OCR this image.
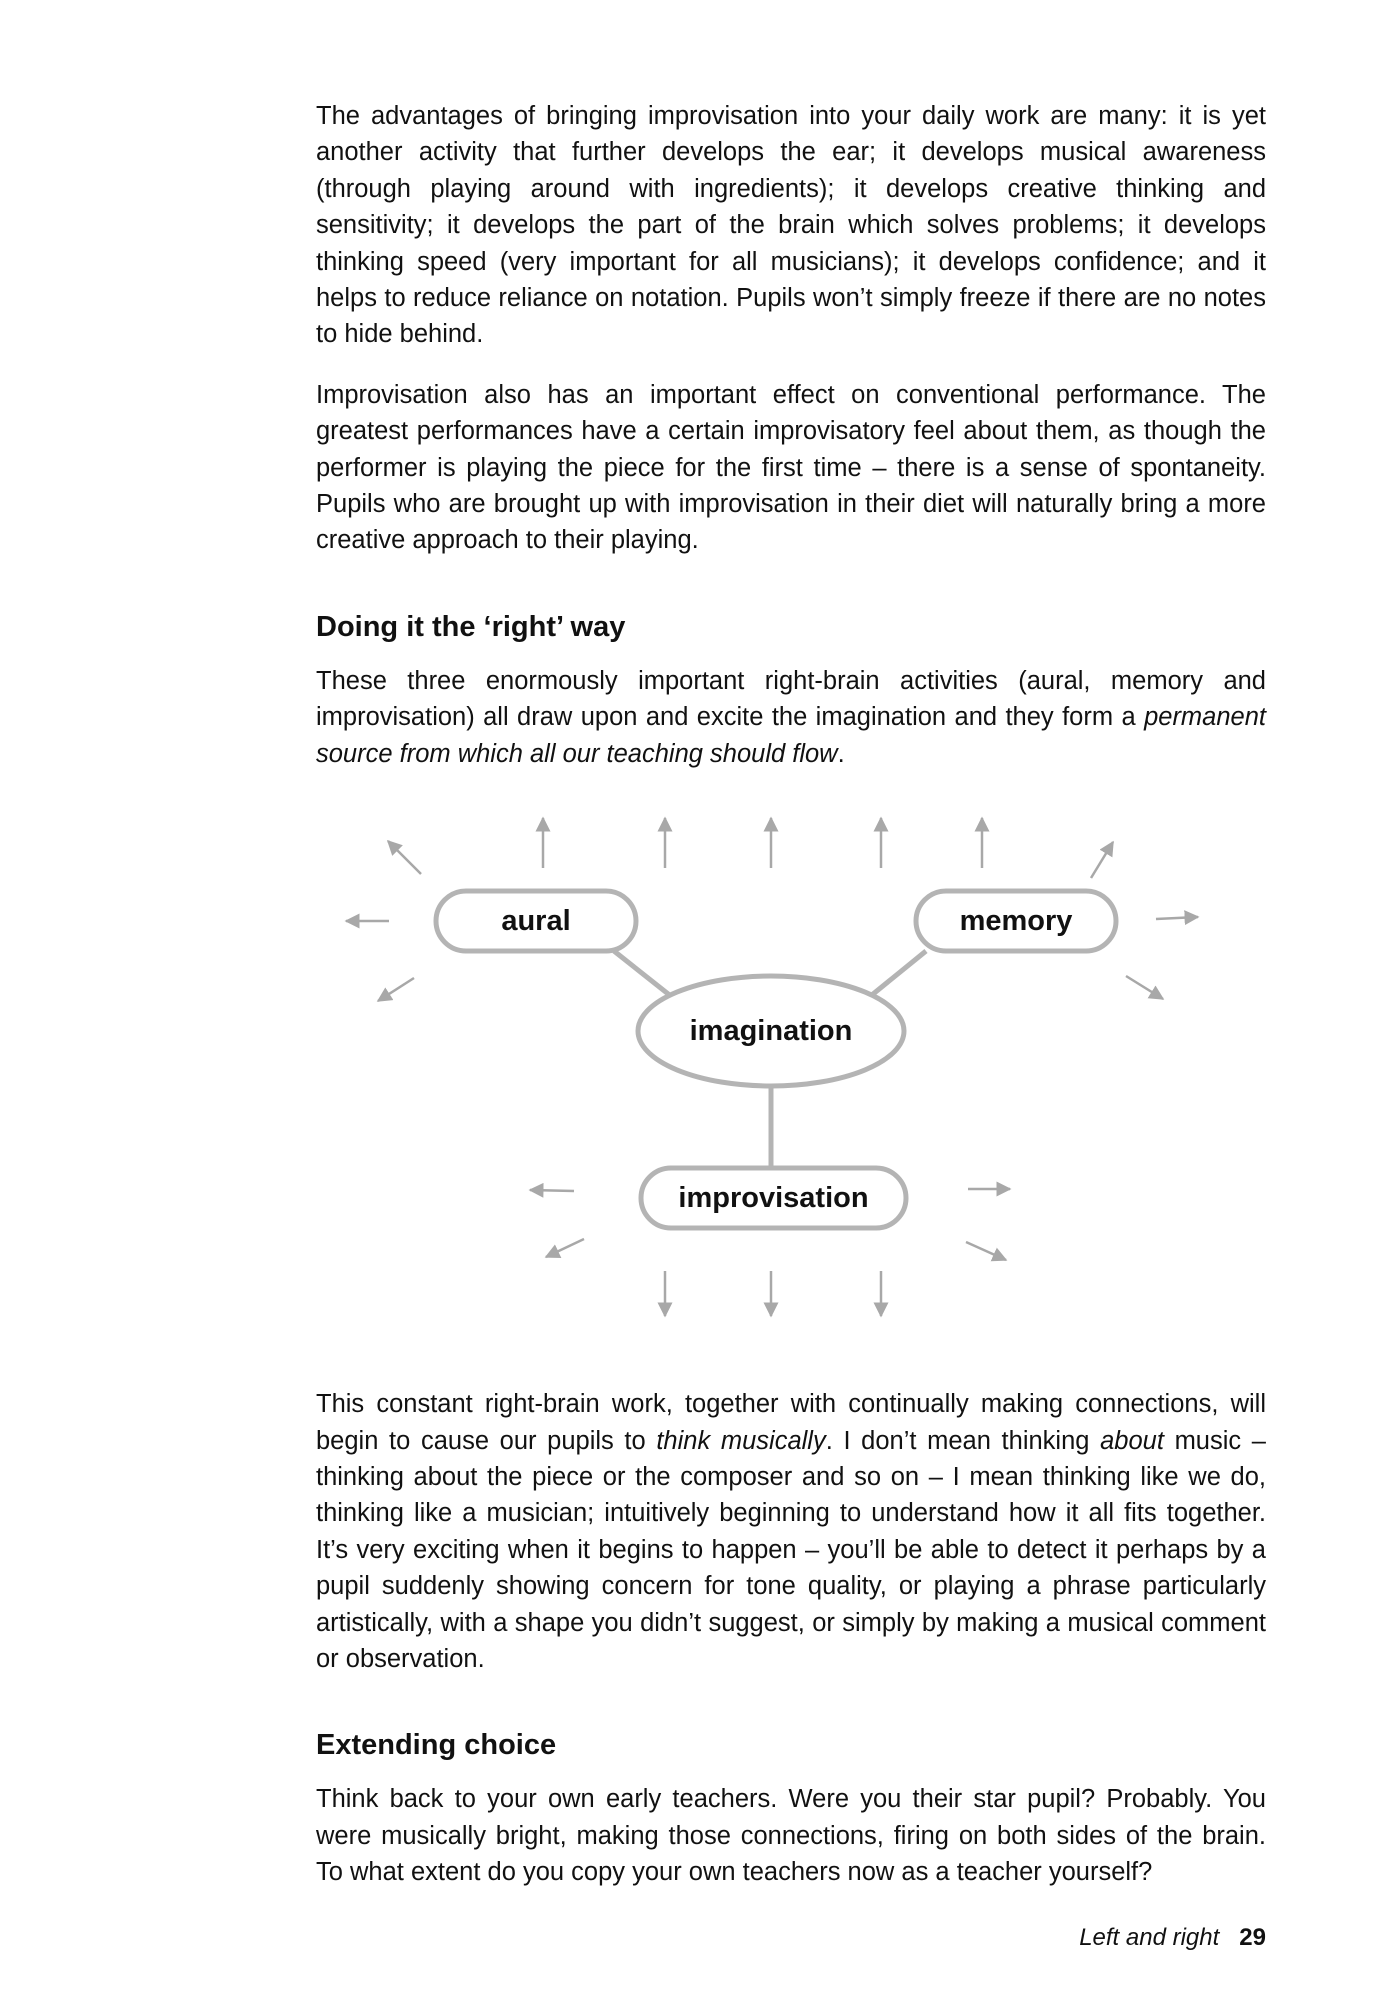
The advantages of bringing improvisation into your daily work are many: it is yet another activity that further develops the ear; it develops musical awareness (through playing around with ingredients); it develops creative thinking and sensitivity; it develops the part of the brain which solves problems; it develops thinking speed (very important for all musicians); it develops confidence; and it helps to reduce reliance on notation. Pupils won’t simply freeze if there are no notes to hide behind.

Improvisation also has an important effect on conventional performance. The greatest performances have a certain improvisatory feel about them, as though the performer is playing the piece for the first time – there is a sense of spontaneity. Pupils who are brought up with improvisation in their diet will naturally bring a more creative approach to their playing.

Doing it the ‘right’ way

These three enormously important right-brain activities (aural, memory and improvisation) all draw upon and excite the imagination and they form a permanent source from which all our teaching should flow.

aural	memory
imagination
improvisation

This constant right-brain work, together with continually making connections, will begin to cause our pupils to think musically. I don’t mean thinking about music – thinking about the piece or the composer and so on – I mean thinking like we do, thinking like a musician; intuitively beginning to understand how it all fits together. It’s very exciting when it begins to happen – you’ll be able to detect it perhaps by a pupil suddenly showing concern for tone quality, or playing a phrase particularly artistically, with a shape you didn’t suggest, or simply by making a musical comment or observation.

Extending choice

Think back to your own early teachers. Were you their star pupil? Probably. You were musically bright, making those connections, firing on both sides of the brain. To what extent do you copy your own teachers now as a teacher yourself?

Left and right 29
